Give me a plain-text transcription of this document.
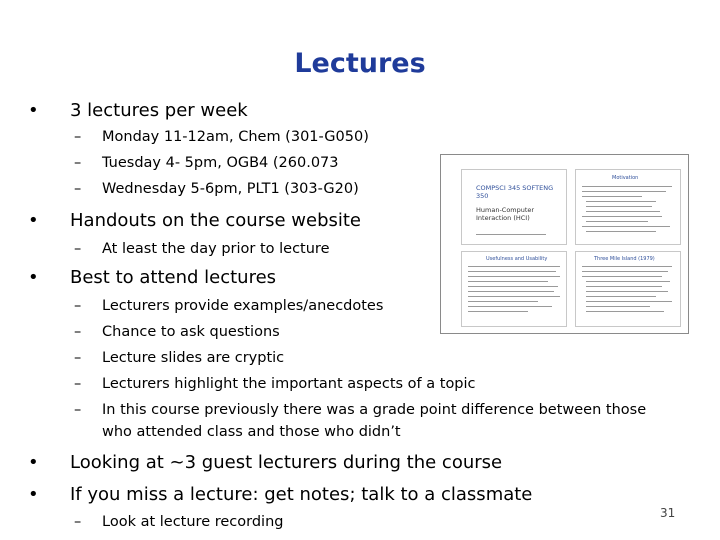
Lectures
• 3 lectures per week
– Monday 11-12am, Chem (301-G050)
– Tuesday 4- 5pm, OGB4 (260.073
– Wednesday 5-6pm, PLT1 (303-G20)
• Handouts on the course website
– At least the day prior to lecture
• Best to attend lectures
– Lecturers provide examples/anecdotes
– Chance to ask questions
– Lecture slides are cryptic
– Lecturers highlight the important aspects of a topic
– In this course previously there was a grade point difference between those
who attended class and those who didn’t
• Looking at ~3 guest lecturers during the course
• If you miss a lecture: get notes; talk to a classmate
– Look at lecture recording
COMPSCI 345 SOFTENG 350
Human-Computer Interaction (HCI)
Motivation
Usefulness and Usability	Three Mile Island (1979)
31
